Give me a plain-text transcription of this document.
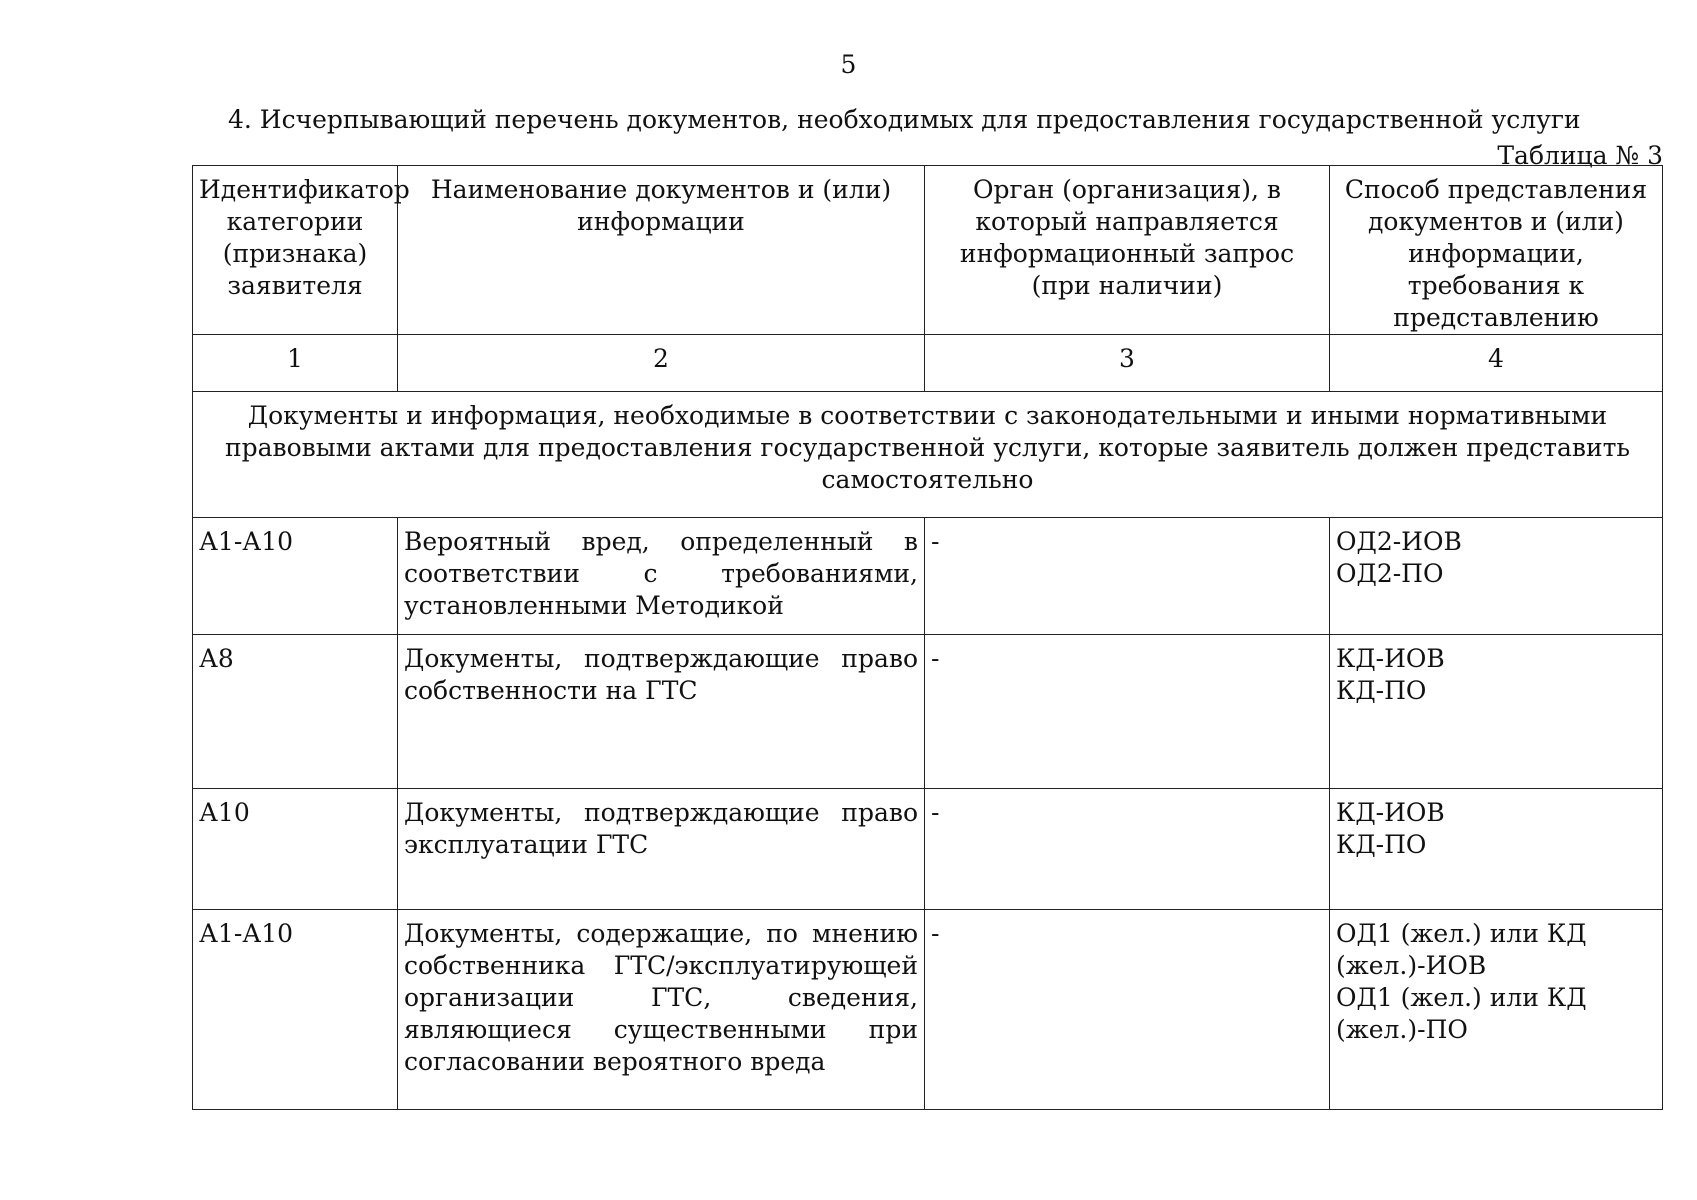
5
4. Исчерпывающий перечень документов, необходимых для предоставления государственной услуги
Таблица № 3
Идентификатор категории (признака) заявителя	Наименование документов и (или) информации	Орган (организация), в который направляется информационный запрос (при наличии)	Способ представления документов и (или) информации, требования к представлению
1	2	3	4
Документы и информация, необходимые в соответствии с законодательными и иными нормативными правовыми актами для предоставления государственной услуги, которые заявитель должен представить самостоятельно			
А1-А10	Вероятный вред, определенный в соответствии с требованиями, установленными Методикой	-	ОД2-ИОВ
ОД2-ПО

А8	Документы, подтверждающие право собственности на ГТС	-	КД-ИОВ
КД-ПО

А10	Документы, подтверждающие право эксплуатации ГТС	-	КД-ИОВ
КД-ПО

А1-А10	Документы, содержащие, по мнению собственника ГТС/эксплуатирующей организации ГТС, сведения, являющиеся существенными при согласовании вероятного вреда	-	ОД1 (жел.) или КД (жел.)-ИОВ
ОД1 (жел.) или КД (жел.)-ПО
